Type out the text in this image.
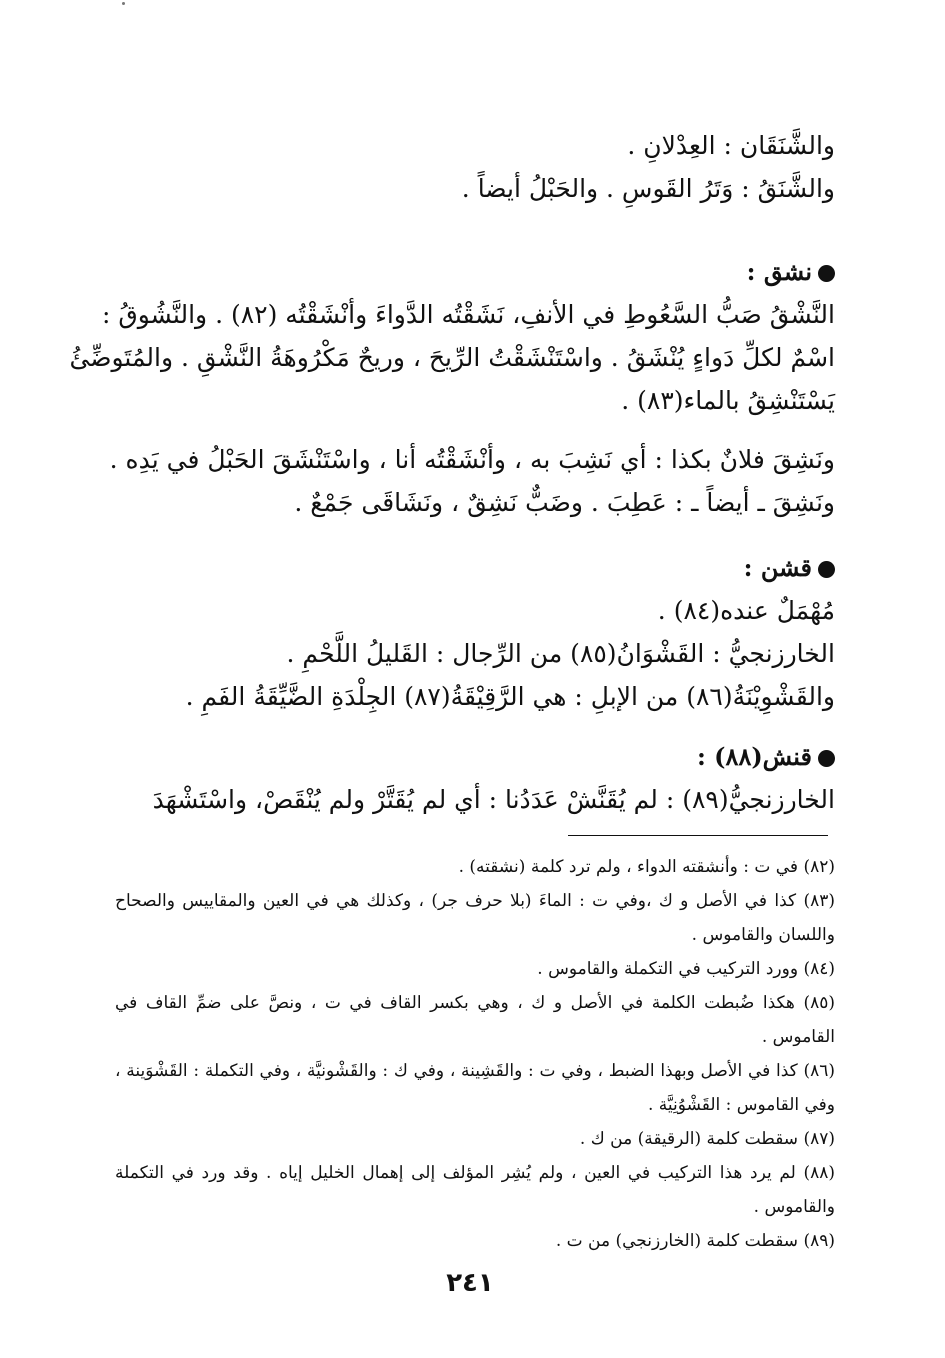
والشَّنَقَان : العِدْلانِ .
والشَّنَقُ : وَتَرُ القَوسِ . والحَبْلُ أيضاً .
نشق :
النَّشْقُ صَبُّ السَّعُوطِ في الأنفِ، نَشَقْتُه الدَّواءَ وأنْشَقْتُه (٨٢) . والنَّشُوقُ :
اسْمٌ لكلِّ دَواءٍ يُنْشَقُ . واسْتَنْشَقْتُ الرِّيحَ ، وريحٌ مَكْرُوهَةُ النَّشْقِ . والمُتَوضِّئُ
يَسْتَنْشِقُ بالماء(٨٣) .
ونَشِقَ فلانٌ بكذا : أي نَشِبَ به ، وأنْشَقْتُه أنا ، واسْتَنْشَقَ الحَبْلُ في يَدِه .
ونَشِقَ ـ أيضاً ـ : عَطِبَ . وضَبٌّ نَشِقٌ ، ونَشَاقَى جَمْعٌ .
قشن :
مُهْمَلٌ عنده(٨٤) .
الخارزنجيُّ : القَشْوَانُ(٨٥) من الرِّجال : القَليلُ اللَّحْمِ .
والقَشْوِيْنَةُ(٨٦) من الإبلِ : هي الرَّقِيْقَةُ(٨٧) الجِلْدَةِ الضَّيِّقَةُ الفَمِ .
قنش(٨٨) :
الخارزنجيُّ(٨٩) : لم يُقَنَّشْ عَدَدُنا : أي لم يُقَتَّرْ ولم يُنْقَصْ، واسْتَشْهَدَ
(٨٢) في ت : وأنشقته الدواء ، ولم ترد كلمة (نشقته) .
(٨٣) كذا في الأصل و ك ،وفي ت : الماءَ (بلا حرف جر) ، وكذلك هي في العين والمقاييس والصحاح واللسان والقاموس .
(٨٤) وورد التركيب في التكملة والقاموس .
(٨٥) هكذا ضُبطت الكلمة في الأصل و ك ، وهي بكسر القاف في ت ، ونصَّ على ضمِّ القاف في القاموس .
(٨٦) كذا في الأصل وبهذا الضبط ، وفي ت : والقَشِينة ، وفي ك : والقَشْونيَّة ، وفي التكملة : القَشْوَينة ، وفي القاموس : القَشْوُنِيَّة .
(٨٧) سقطت كلمة (الرقيقة) من ك .
(٨٨) لم يرد هذا التركيب في العين ، ولم يُشِر المؤلف إلى إهمال الخليل إياه . وقد ورد في التكملة والقاموس .
(٨٩) سقطت كلمة (الخارزنجي) من ت .
٢٤١
